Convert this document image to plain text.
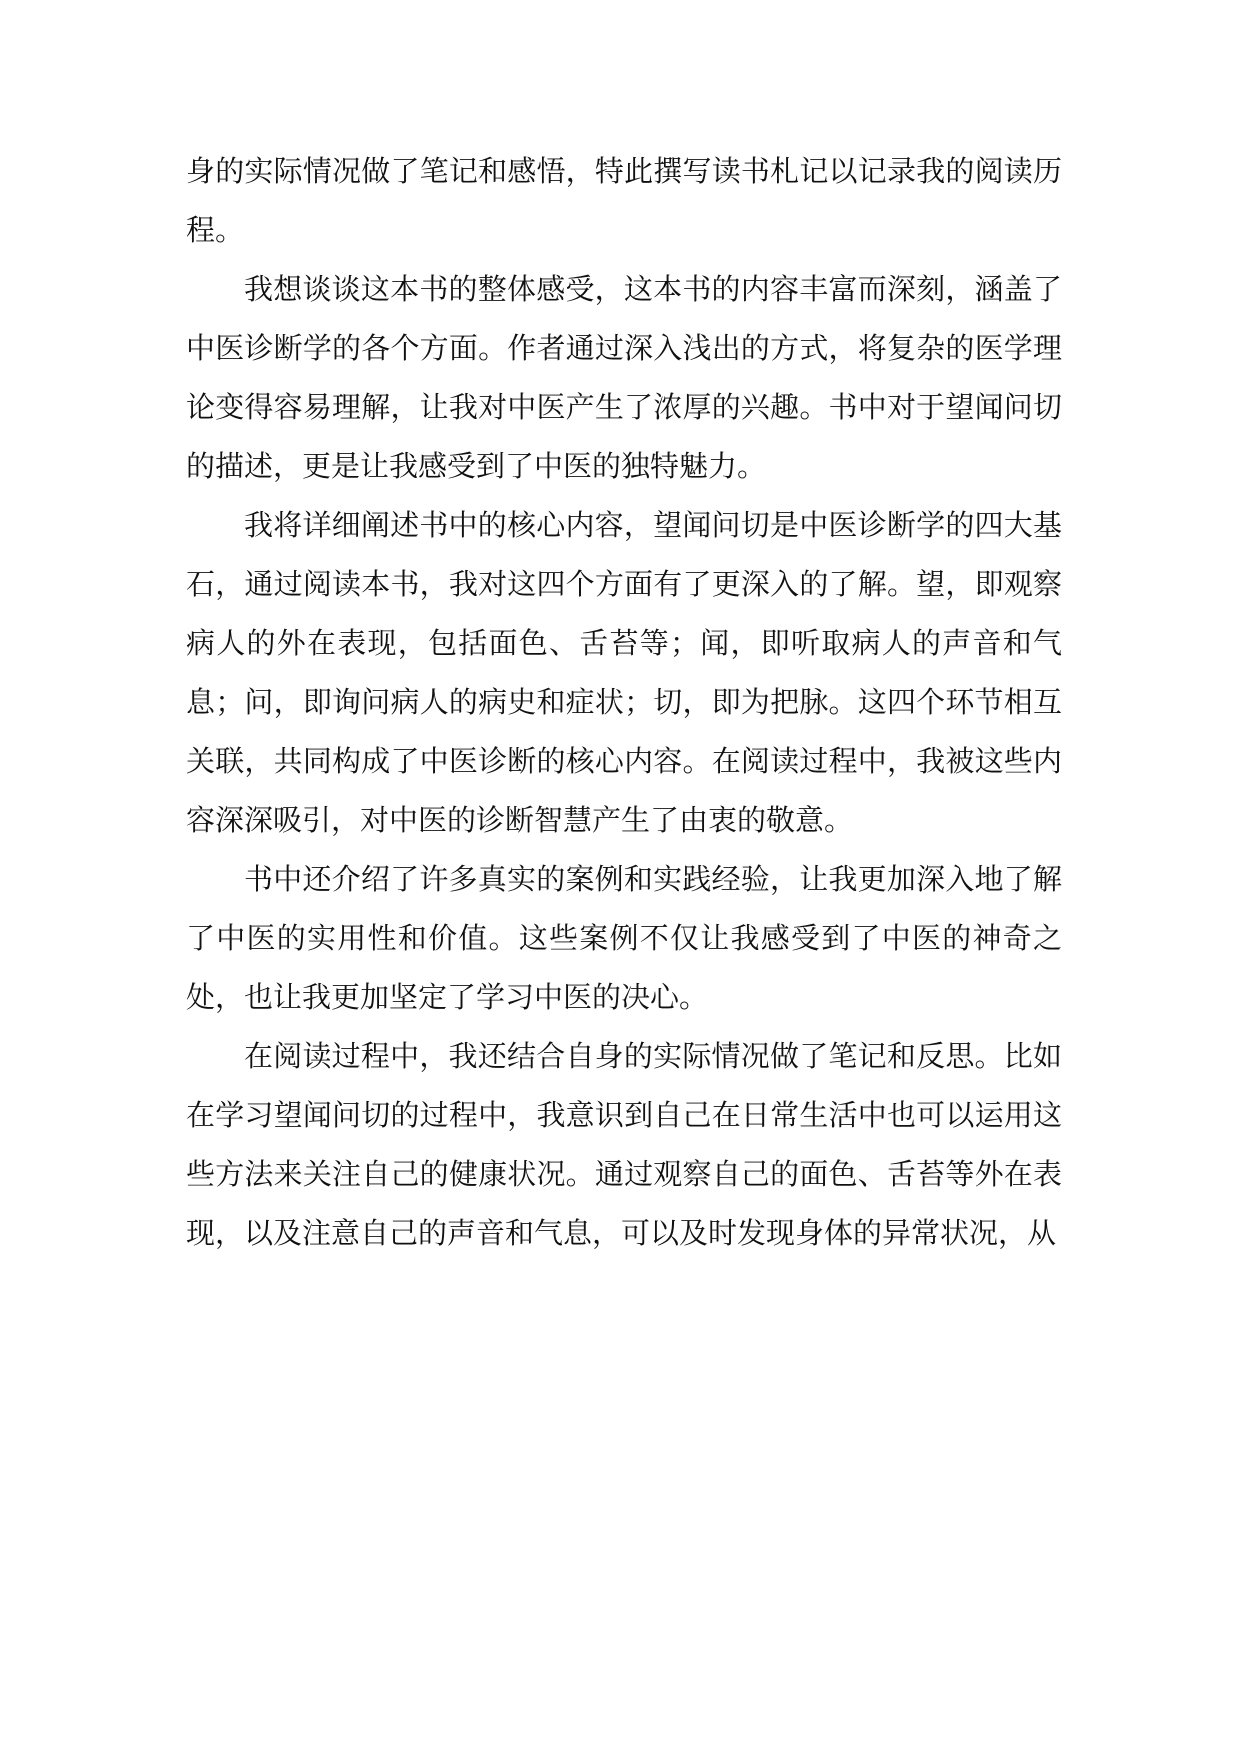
身的实际情况做了笔记和感悟，特此撰写读书札记以记录我的阅读历程。

我想谈谈这本书的整体感受，这本书的内容丰富而深刻，涵盖了中医诊断学的各个方面。作者通过深入浅出的方式，将复杂的医学理论变得容易理解，让我对中医产生了浓厚的兴趣。书中对于望闻问切的描述，更是让我感受到了中医的独特魅力。

我将详细阐述书中的核心内容，望闻问切是中医诊断学的四大基石，通过阅读本书，我对这四个方面有了更深入的了解。望，即观察病人的外在表现，包括面色、舌苔等；闻，即听取病人的声音和气息；问，即询问病人的病史和症状；切，即为把脉。这四个环节相互关联，共同构成了中医诊断的核心内容。在阅读过程中，我被这些内容深深吸引，对中医的诊断智慧产生了由衷的敬意。

书中还介绍了许多真实的案例和实践经验，让我更加深入地了解了中医的实用性和价值。这些案例不仅让我感受到了中医的神奇之处，也让我更加坚定了学习中医的决心。

在阅读过程中，我还结合自身的实际情况做了笔记和反思。比如在学习望闻问切的过程中，我意识到自己在日常生活中也可以运用这些方法来关注自己的健康状况。通过观察自己的面色、舌苔等外在表现，以及注意自己的声音和气息，可以及时发现身体的异常状况，从
